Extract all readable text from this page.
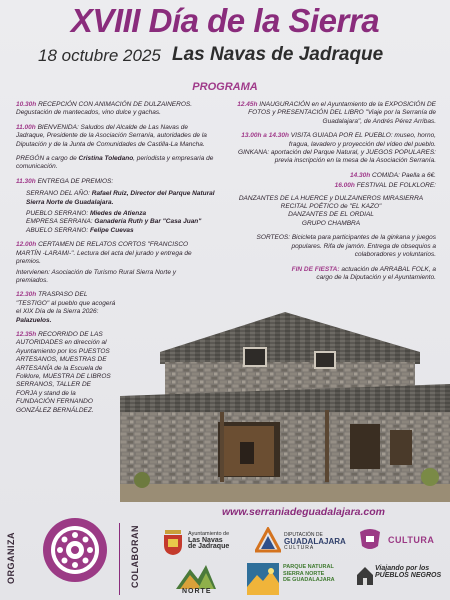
XVIII Día de la Sierra
18 octubre 2025 Las Navas de Jadraque
PROGRAMA

10.30h RECEPCIÓN CON ANIMACIÓN DE DULZAINEROS. Degustación de mantecados, vino dulce y gachas.

11.00h BIENVENIDA: Saludos del Alcalde de Las Navas de Jadraque, Presidente de la Asociación Serranía, autoridades de la Diputación y de la Junta de Comunidades de Castilla-La Mancha.

PREGÓN a cargo de Cristina Toledano, periodista y empresaria de comunicación.

11.30h ENTREGA DE PREMIOS:

SERRANO DEL AÑO: Rafael Ruiz, Director del Parque Natural Sierra Norte de Guadalajara.
PUEBLO SERRANO: Miedes de Atienza
EMPRESA SERRANA: Ganadería Ruth y Bar "Casa Juan"
ABUELO SERRANO: Felipe Cuevas

12.00h CERTAMEN DE RELATOS CORTOS "FRANCISCO MARTÍN -LARAMI-". Lectura del acta del jurado y entrega de premios.

Intervienen: Asociación de Turismo Rural Sierra Norte y premiados.

12.30h TRASPASO DEL "TESTIGO" al pueblo que acogerá el XIX Día de la Sierra 2026: Palazuelos.

12.35h RECORRIDO DE LAS AUTORIDADES en dirección al Ayuntamiento por los PUESTOS ARTESANOS, MUESTRAS DE ARTESANÍA de la Escuela de Folklore, MUESTRA DE LIBROS SERRANOS, TALLER DE FORJA y stand de la FUNDACIÓN FERNANDO GONZÁLEZ BERNÁLDEZ.

12.45h INAUGURACIÓN en el Ayuntamiento de la EXPOSICIÓN DE FOTOS y PRESENTACIÓN DEL LIBRO "Viaje por la Serranía de Guadalajara", de Andrés Pérez Arribas.

13.00h a 14.30h VISITA GUIADA POR EL PUEBLO: museo, horno, fragua, lavadero y proyección del vídeo del pueblo.

GINKANA: aportación del Parque Natural, y JUEGOS POPULARES: previa inscripción en la mesa de la Asociación Serranía.

14.30h COMIDA: Paella a 6€.

16.00h FESTIVAL DE FOLKLORE:

DANZANTES DE LA HUERCE y DULZAINEROS MIRASIERRA
RECITAL POÉTICO de "EL KAZO"
DANZANTES DE EL ORDIAL
GRUPO CHAMBRA

SORTEOS: Bicicleta para participantes de la ginkana y juegos populares. Rifa de jamón. Entrega de obsequios a colaboradores y voluntarios.

FIN DE FIESTA: actuación de ARRABAL FOLK, a cargo de la Diputación y el Ayuntamiento.

www.serraniadeguadalajara.com
ORGANIZA	COLABORAN	Ayuntamiento de
Las Navas
de Jadraque
DIPUTACIÓN DE
GUADALAJARA
CULTURA
CULTURA
NORTE
PARQUE NATURAL
SIERRA NORTE
DE GUADALAJARA
Viajando por los
PUEBLOS NEGROS
